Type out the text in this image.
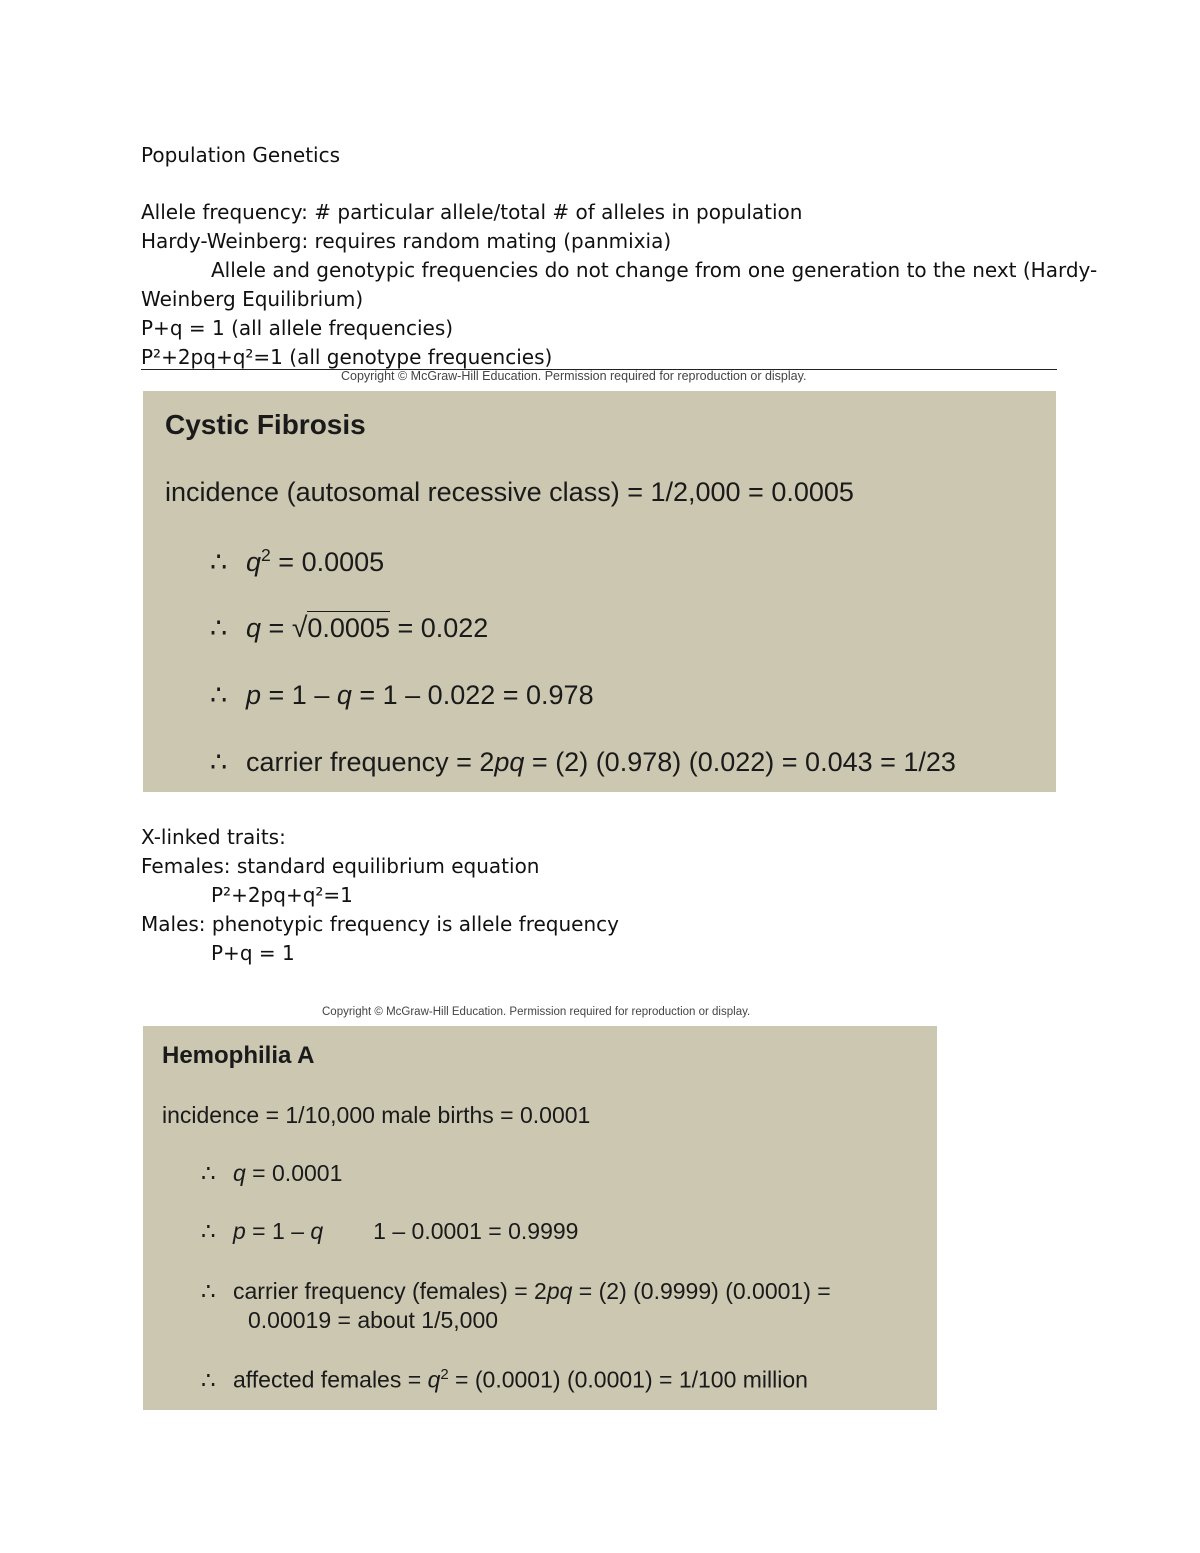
Population Genetics
Allele frequency: # particular allele/total # of alleles in population
Hardy-Weinberg: requires random mating (panmixia)
Allele and genotypic frequencies do not change from one generation to the next (Hardy-
Weinberg Equilibrium)
P+q = 1 (all allele frequencies)
P²+2pq+q²=1 (all genotype frequencies)
Copyright © McGraw-Hill Education. Permission required for reproduction or display.
Cystic Fibrosis
incidence (autosomal recessive class) = 1/2,000 = 0.0005
∴ $q^2 = 0.0005$
∴ q = √0.0005 = 0.022
∴ p = 1 – q = 1 – 0.022 = 0.978
∴ carrier frequency = 2pq = (2) (0.978) (0.022) = 0.043 = 1/23
X-linked traits:
Females: standard equilibrium equation
P²+2pq+q²=1
Males: phenotypic frequency is allele frequency
P+q = 1
Copyright © McGraw-Hill Education. Permission required for reproduction or display.
Hemophilia A
incidence = 1/10,000 male births = 0.0001
∴ q = 0.0001
∴ p = 1 – q 1 – 0.0001 = 0.9999
∴ carrier frequency (females) = 2pq = (2) (0.9999) (0.0001) =
0.00019 = about 1/5,000
∴ affected females = $q^2 = (0.0001) (0.0001) = 1/100$ million
